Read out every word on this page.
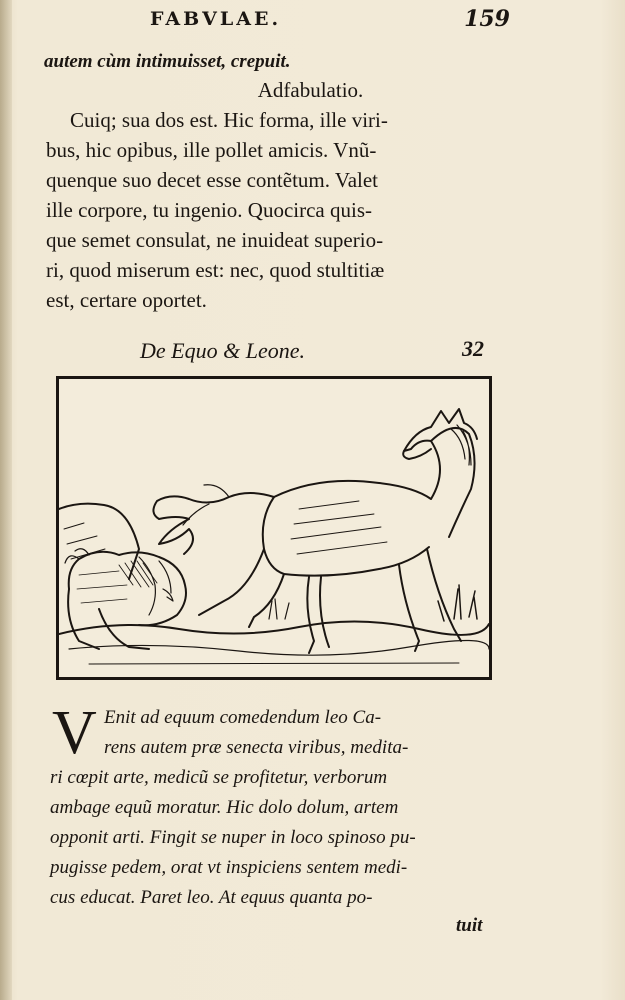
FABVLAE.	159
autem cùm intimuisset, crepuit.
Adfabulatio.
Cuiq; sua dos est. Hic forma, ille viri-
bus, hic opibus, ille pollet amicis. Vnũ-
quenque suo decet esse contẽtum. Valet
ille corpore, tu ingenio. Quocirca quis-
que semet consulat, ne inuideat superio-
ri, quod miserum est: nec, quod stultitiæ
est, certare oportet.
De Equo & Leone.	32
V Enit ad equum comedendum leo Ca-
rens autem præ senecta viribus, medita-
ri cœpit arte, medicũ se profitetur, verborum
ambage equũ moratur. Hic dolo dolum, artem
opponit arti. Fingit se nuper in loco spinoso pu-
pugisse pedem, orat vt inspiciens sentem medi-
cus educat. Paret leo. At equus quanta po-
tuit
